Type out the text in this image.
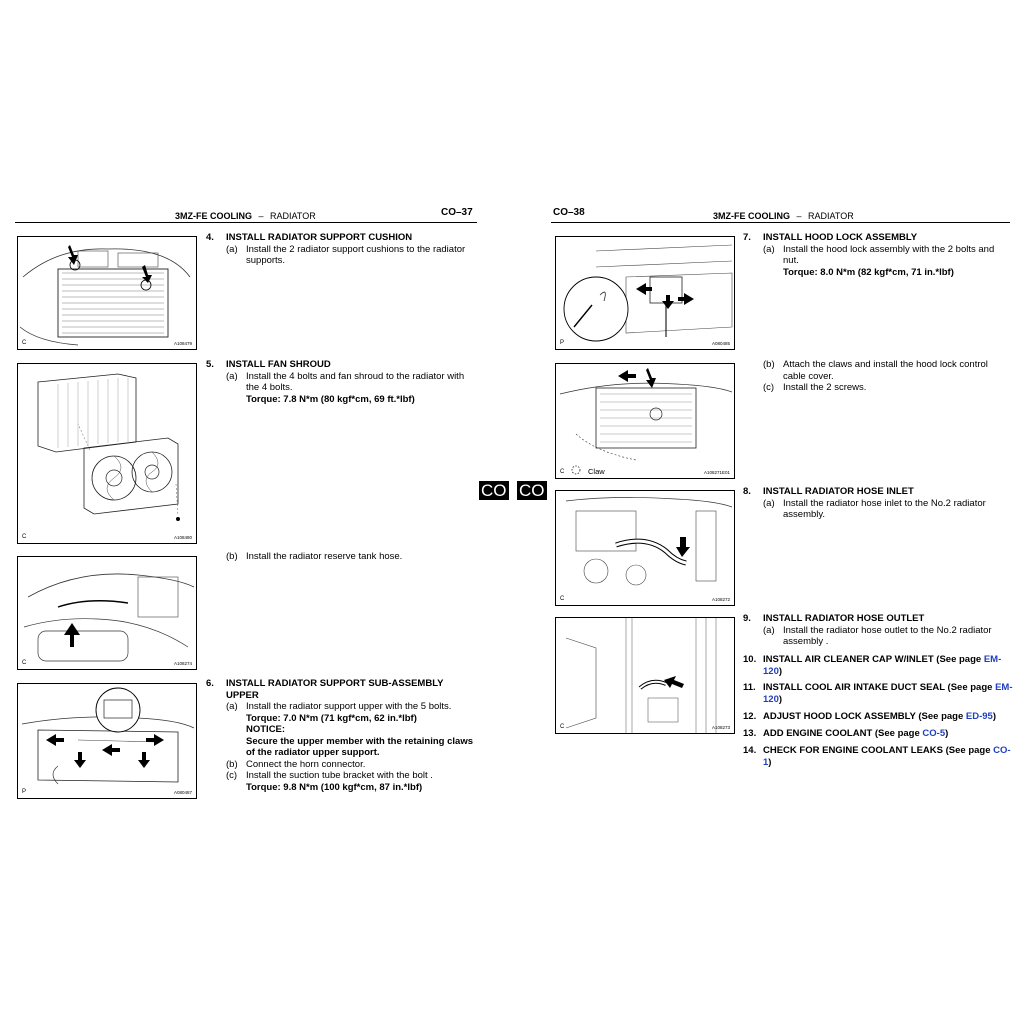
3MZ-FE COOLING – RADIATOR	CO–37	CO–38	3MZ-FE COOLING – RADIATOR
C	A108479
C	A108480
C	A108274
P	A080487
4. INSTALL RADIATOR SUPPORT CUSHION
(a) Install the 2 radiator support cushions to the radiator supports.
5. INSTALL FAN SHROUD
(a) Install the 4 bolts and fan shroud to the radiator with the 4 bolts.
Torque: 7.8 N*m (80 kgf*cm, 69 ft.*lbf)
(b) Install the radiator reserve tank hose.
6. INSTALL RADIATOR SUPPORT SUB-ASSEMBLY UPPER
(a) Install the radiator support upper with the 5 bolts.
Torque: 7.0 N*m (71 kgf*cm, 62 in.*lbf)
NOTICE:
Secure the upper member with the retaining claws of the radiator upper support.
(b) Connect the horn connector.
(c) Install the suction tube bracket with the bolt .
Torque: 9.8 N*m (100 kgf*cm, 87 in.*lbf)
CO CO
P	A080485
C	Claw	A108271E01
C	A108272
C	A108273
7. INSTALL HOOD LOCK ASSEMBLY
(a) Install the hood lock assembly with the 2 bolts and nut.
Torque: 8.0 N*m (82 kgf*cm, 71 in.*lbf)
(b) Attach the claws and install the hood lock control cable cover.
(c) Install the 2 screws.
8. INSTALL RADIATOR HOSE INLET
(a) Install the radiator hose inlet to the No.2 radiator assembly.
9. INSTALL RADIATOR HOSE OUTLET
(a) Install the radiator hose outlet to the No.2 radiator assembly .
10. INSTALL AIR CLEANER CAP W/INLET (See page EM-120)
11. INSTALL COOL AIR INTAKE DUCT SEAL (See page EM-120)
12. ADJUST HOOD LOCK ASSEMBLY (See page ED-95)
13. ADD ENGINE COOLANT (See page CO-5)
14. CHECK FOR ENGINE COOLANT LEAKS (See page CO-1)
